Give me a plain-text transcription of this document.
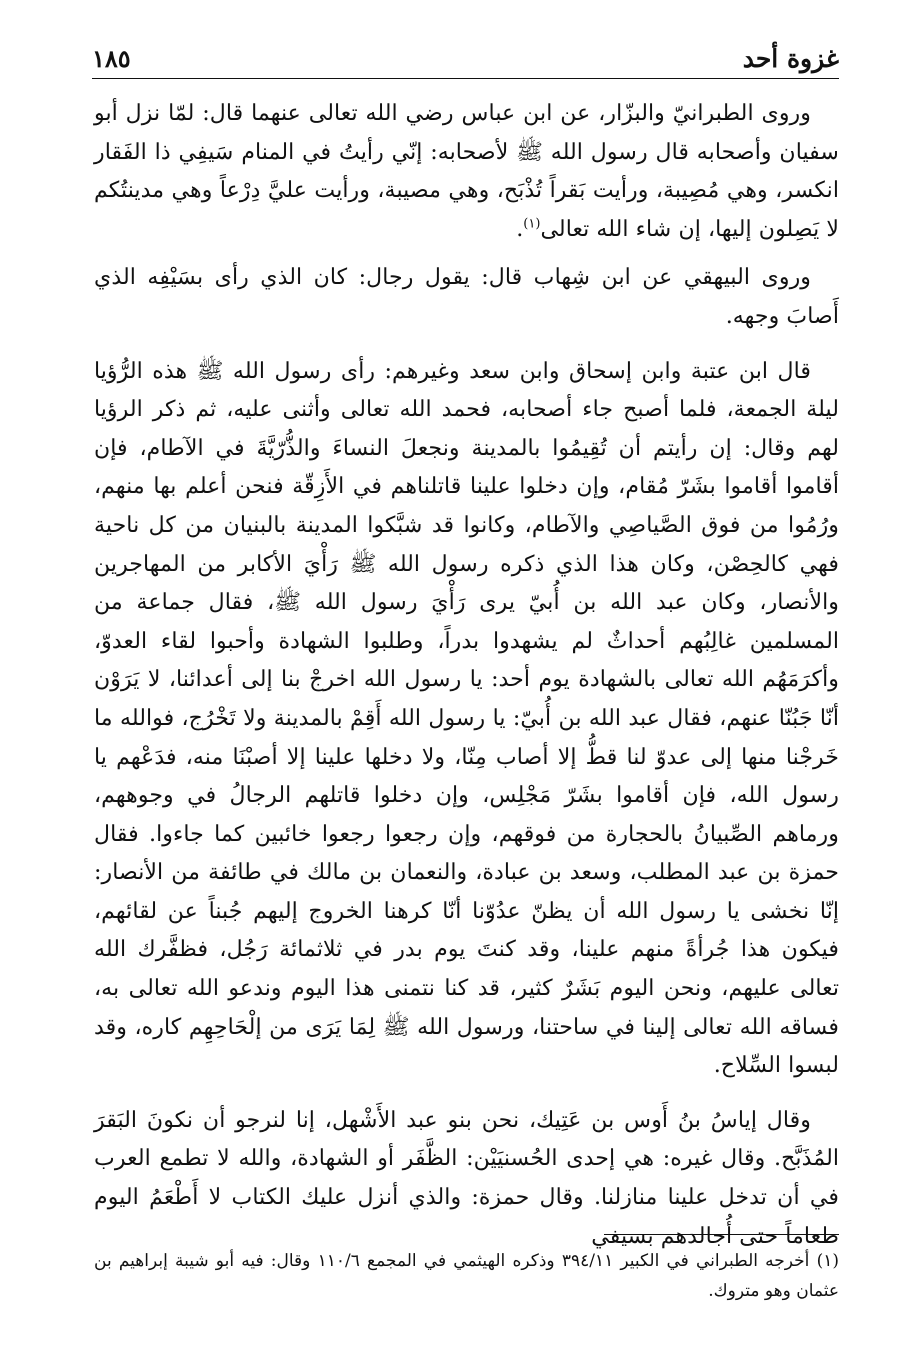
غزوة أحد
١٨٥

وروى الطبرانيّ والبزّار، عن ابن عباس رضي الله تعالى عنهما قال: لمّا نزل أبو سفيان وأصحابه قال رسول الله ﷺ لأصحابه: إنّي رأيتُ في المنام سَيفِي ذا الفَقار انكسر، وهي مُصِيبة، ورأيت بَقراً تُذْبَح، وهي مصيبة، ورأيت عليَّ دِرْعاً وهي مدينتُكم لا يَصِلون إليها، إن شاء الله تعالى$^{(١)}$.

وروى البيهقي عن ابن شِهاب قال: يقول رجال: كان الذي رأى بسَيْفِه الذي أَصابَ وجهه.

قال ابن عتبة وابن إسحاق وابن سعد وغيرهم: رأى رسول الله ﷺ هذه الرُّؤيا ليلة الجمعة، فلما أصبح جاء أصحابه، فحمد الله تعالى وأثنى عليه، ثم ذكر الرؤيا لهم وقال: إن رأيتم أن تُقِيمُوا بالمدينة ونجعلَ النساءَ والذُّرّيَّةَ في الآطام، فإن أقاموا أقاموا بشَرّ مُقام، وإن دخلوا علينا قاتلناهم في الأَزِقّة فنحن أعلم بها منهم، ورُمُوا من فوق الصَّياصِي والآطام، وكانوا قد شبَّكوا المدينة بالبنيان من كل ناحية فهي كالحِصْن، وكان هذا الذي ذكره رسول الله ﷺ رَأْيَ الأكابر من المهاجرين والأنصار، وكان عبد الله بن أُبيّ يرى رَأْيَ رسول الله ﷺ، فقال جماعة من المسلمين غالِبُهم أحداثٌ لم يشهدوا بدراً، وطلبوا الشهادة وأحبوا لقاء العدوّ، وأكرَمَهُم الله تعالى بالشهادة يوم أحد: يا رسول الله اخرجْ بنا إلى أعدائنا، لا يَرَوْن أنّا جَبُنّا عنهم، فقال عبد الله بن أُبيّ: يا رسول الله أَقِمْ بالمدينة ولا تَخْرُج، فوالله ما خَرجْنا منها إلى عدوّ لنا قطُّ إلا أصاب مِنّا، ولا دخلها علينا إلا أصبْنَا منه، فدَعْهم يا رسول الله، فإن أقاموا بشَرّ مَجْلِس، وإن دخلوا قاتلهم الرجالُ في وجوههم، ورماهم الصِّبيانُ بالحجارة من فوقهم، وإن رجعوا رجعوا خائبين كما جاءوا. فقال حمزة بن عبد المطلب، وسعد بن عبادة، والنعمان بن مالك في طائفة من الأنصار: إنّا نخشى يا رسول الله أن يظنّ عدُوّنا أنّا كرهنا الخروج إليهم جُبناً عن لقائهم، فيكون هذا جُرأةً منهم علينا، وقد كنتَ يوم بدر في ثلاثمائة رَجُل، فظفَّرك الله تعالى عليهم، ونحن اليوم بَشَرٌ كثير، قد كنا نتمنى هذا اليوم وندعو الله تعالى به، فساقه الله تعالى إلينا في ساحتنا، ورسول الله ﷺ لِمَا يَرَى من إلْحَاحِهِم كاره، وقد لبسوا السِّلاح.

وقال إياسُ بنُ أَوس بن عَتِيك، نحن بنو عبد الأَشْهل، إنا لنرجو أن نكونَ البَقرَ المُذَبَّح. وقال غيره: هي إحدى الحُسنيَيْن: الظَّفَر أو الشهادة، والله لا تطمع العرب في أن تدخل علينا منازلنا. وقال حمزة: والذي أنزل عليك الكتاب لا أَطْعَمُ اليوم طعاماً حتى أُجالدهم بسيفي

(١) أخرجه الطبراني في الكبير ٣٩٤/١١ وذكره الهيثمي في المجمع ١١٠/٦ وقال: فيه أبو شيبة إبراهيم بن عثمان وهو متروك.
